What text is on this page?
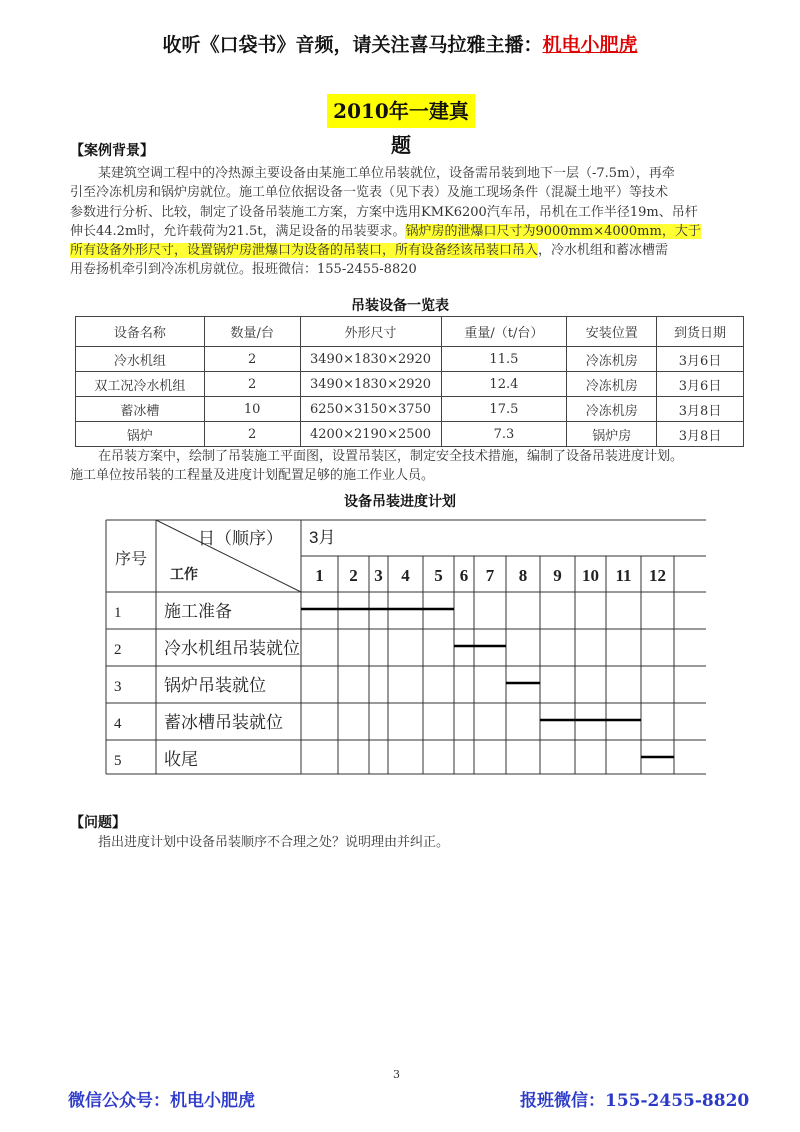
收听《口袋书》音频，请关注喜马拉雅主播：机电小肥虎
2010年一建真题
【案例背景】
某建筑空调工程中的冷热源主要设备由某施工单位吊装就位，设备需吊装到地下一层（-7.5m），再牵
引至冷冻机房和锅炉房就位。施工单位依据设备一览表（见下表）及施工现场条件（混凝土地平）等技术
参数进行分析、比较，制定了设备吊装施工方案，方案中选用KMK6200汽车吊，吊机在工作半径19m、吊杆
伸长44.2m时，允许载荷为21.5t，满足设备的吊装要求。锅炉房的泄爆口尺寸为9000mm×4000mm，大于
所有设备外形尺寸，设置锅炉房泄爆口为设备的吊装口，所有设备经该吊装口吊入，冷水机组和蓄冰槽需
用卷扬机牵引到冷冻机房就位。报班微信：155-2455-8820
吊装设备一览表
设备名称	数量/台	外形尺寸	重量/（t/台）	安装位置	到货日期
冷水机组	2	3490×1830×2920	11.5	冷冻机房	3月6日
双工况冷水机组	2	3490×1830×2920	12.4	冷冻机房	3月6日
蓄冰槽	10	6250×3150×3750	17.5	冷冻机房	3月8日
锅炉	2	4200×2190×2500	7.3	锅炉房	3月8日
在吊装方案中，绘制了吊装施工平面图，设置吊装区，制定安全技术措施，编制了设备吊装进度计划。
施工单位按吊装的工程量及进度计划配置足够的施工作业人员。
设备吊装进度计划
序号
日（顺序）
工作
3月
1 2 3 4 5 6 7 8 9 10 11 12
1	施工准备
2	冷水机组吊装就位
3	锅炉吊装就位
4	蓄冰槽吊装就位
5	收尾
【问题】
指出进度计划中设备吊装顺序不合理之处？说明理由并纠正。
3
微信公众号：机电小肥虎	报班微信：155-2455-8820
